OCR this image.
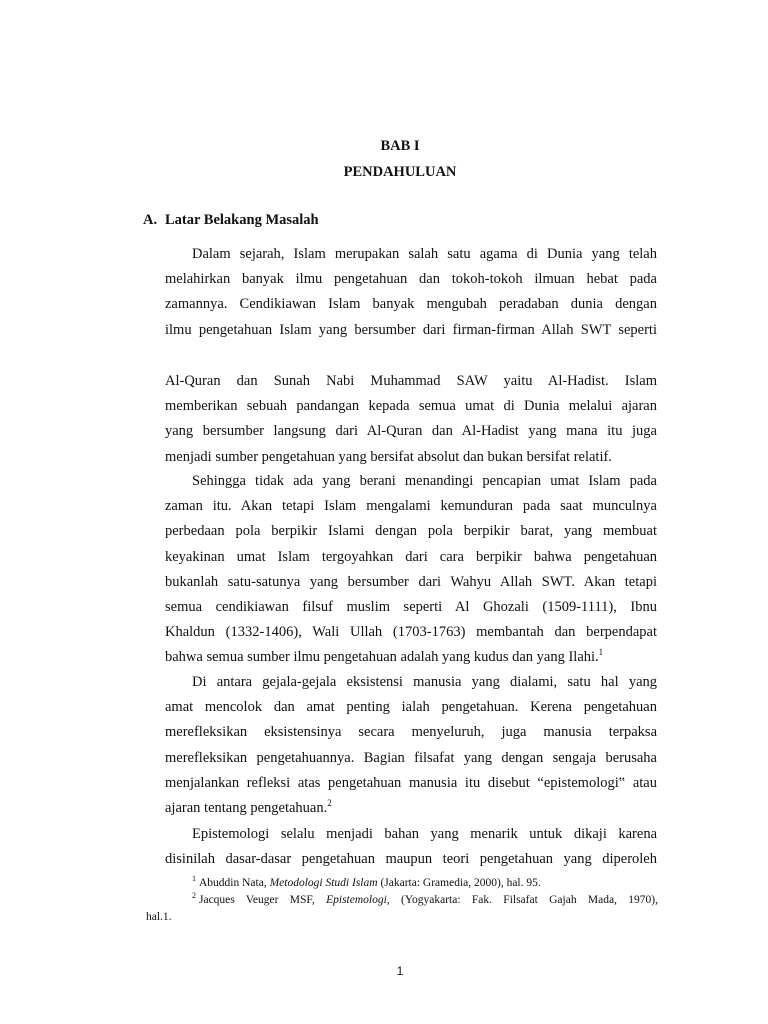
BAB I
PENDAHULUAN
A. Latar Belakang Masalah
Dalam sejarah, Islam merupakan salah satu agama di Dunia yang telah
melahirkan banyak ilmu pengetahuan dan tokoh-tokoh ilmuan hebat pada
zamannya. Cendikiawan Islam banyak mengubah peradaban dunia dengan
ilmu pengetahuan Islam yang bersumber dari firman-firman Allah SWT seperti
Al-Quran dan Sunah Nabi Muhammad SAW yaitu Al-Hadist. Islam
memberikan sebuah pandangan kepada semua umat di Dunia melalui ajaran
yang bersumber langsung dari Al-Quran dan Al-Hadist yang mana itu juga
menjadi sumber pengetahuan yang bersifat absolut dan bukan bersifat relatif.
Sehingga tidak ada yang berani menandingi pencapian umat Islam pada
zaman itu. Akan tetapi Islam mengalami kemunduran pada saat munculnya
perbedaan pola berpikir Islami dengan pola berpikir barat, yang membuat
keyakinan umat Islam tergoyahkan dari cara berpikir bahwa pengetahuan
bukanlah satu-satunya yang bersumber dari Wahyu Allah SWT. Akan tetapi
semua cendikiawan filsuf muslim seperti Al Ghozali (1509-1111), Ibnu
Khaldun (1332-1406), Wali Ullah (1703-1763) membantah dan berpendapat
bahwa semua sumber ilmu pengetahuan adalah yang kudus dan yang Ilahi.$^1$
Di antara gejala-gejala eksistensi manusia yang dialami, satu hal yang
amat mencolok dan amat penting ialah pengetahuan. Kerena pengetahuan
merefleksikan eksistensinya secara menyeluruh, juga manusia terpaksa
merefleksikan pengetahuannya. Bagian filsafat yang dengan sengaja berusaha
menjalankan refleksi atas pengetahuan manusia itu disebut “epistemologi‟ atau
ajaran tentang pengetahuan.$^2$
Epistemologi selalu menjadi bahan yang menarik untuk dikaji karena
disinilah dasar-dasar pengetahuan maupun teori pengetahuan yang diperoleh
$^1$ Abuddin Nata, Metodologi Studi Islam (Jakarta: Gramedia, 2000), hal. 95.
$^2$ Jacques Veuger MSF, Epistemologi, (Yogyakarta: Fak. Filsafat Gajah Mada, 1970),
hal.1.
1
